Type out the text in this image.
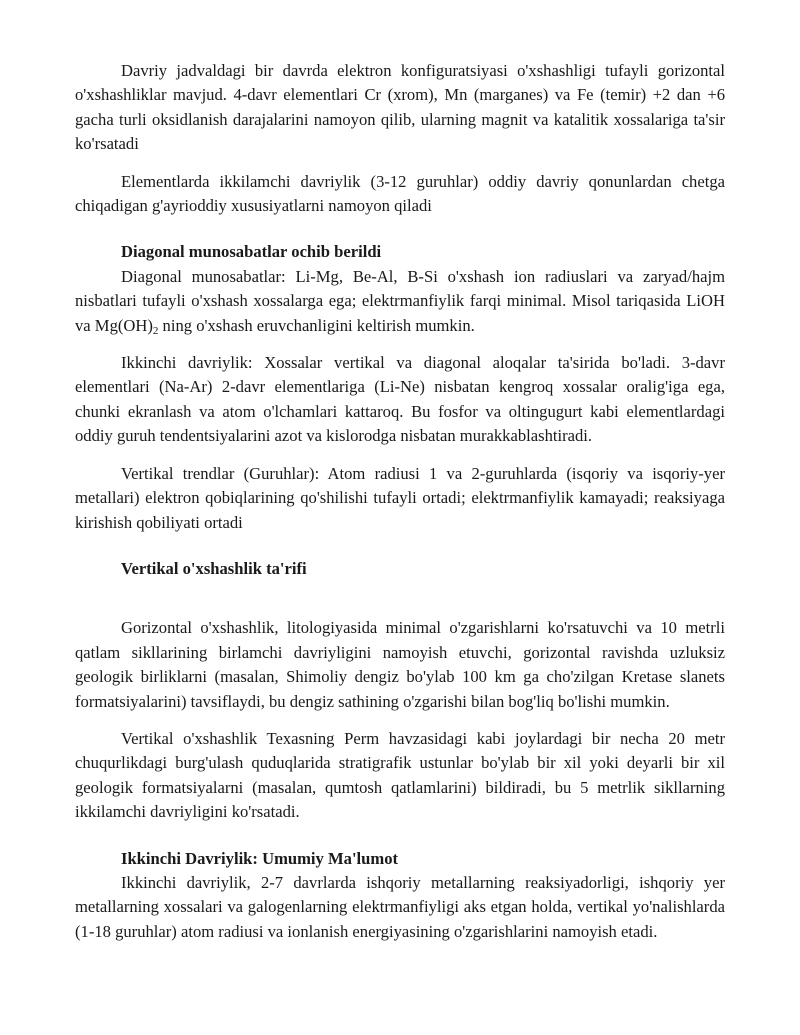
Davriy jadvaldagi bir davrda elektron konfiguratsiyasi o'xshashligi tufayli gorizontal o'xshashliklar mavjud. 4-davr elementlari Cr (xrom), Mn (marganes) va Fe (temir) +2 dan +6 gacha turli oksidlanish darajalarini namoyon qilib, ularning magnit va katalitik xossalariga ta'sir ko'rsatadi

Elementlarda ikkilamchi davriylik (3-12 guruhlar) oddiy davriy qonunlardan chetga chiqadigan g'ayrioddiy xususiyatlarni namoyon qiladi

Diagonal munosabatlar ochib berildi

Diagonal munosabatlar: Li-Mg, Be-Al, B-Si o'xshash ion radiuslari va zaryad/hajm nisbatlari tufayli o'xshash xossalarga ega; elektrmanfiylik farqi minimal. Misol tariqasida LiOH va $Mg(OH)_2$ ning o'xshash eruvchanligini keltirish mumkin.

Ikkinchi davriylik: Xossalar vertikal va diagonal aloqalar ta'sirida bo'ladi. 3-davr elementlari (Na-Ar) 2-davr elementlariga (Li-Ne) nisbatan kengroq xossalar oralig'iga ega, chunki ekranlash va atom o'lchamlari kattaroq. Bu fosfor va oltingugurt kabi elementlardagi oddiy guruh tendentsiyalarini azot va kislorodga nisbatan murakkablashtiradi.

Vertikal trendlar (Guruhlar): Atom radiusi 1 va 2-guruhlarda (isqoriy va isqoriy-yer metallari) elektron qobiqlarining qo'shilishi tufayli ortadi; elektrmanfiylik kamayadi; reaksiyaga kirishish qobiliyati ortadi

Vertikal o'xshashlik ta'rifi

Gorizontal o'xshashlik, litologiyasida minimal o'zgarishlarni ko'rsatuvchi va 10 metrli qatlam sikllarining birlamchi davriyligini namoyish etuvchi, gorizontal ravishda uzluksiz geologik birliklarni (masalan, Shimoliy dengiz bo'ylab 100 km ga cho'zilgan Kretase slanets formatsiyalarini) tavsiflaydi, bu dengiz sathining o'zgarishi bilan bog'liq bo'lishi mumkin.

Vertikal o'xshashlik Texasning Perm havzasidagi kabi joylardagi bir necha 20 metr chuqurlikdagi burg'ulash quduqlarida stratigrafik ustunlar bo'ylab bir xil yoki deyarli bir xil geologik formatsiyalarni (masalan, qumtosh qatlamlarini) bildiradi, bu 5 metrlik sikllarning ikkilamchi davriyligini ko'rsatadi.

Ikkinchi Davriylik: Umumiy Ma'lumot

Ikkinchi davriylik, 2-7 davrlarda ishqoriy metallarning reaksiyadorligi, ishqoriy yer metallarning xossalari va galogenlarning elektrmanfiyligi aks etgan holda, vertikal yo'nalishlarda (1-18 guruhlar) atom radiusi va ionlanish energiyasining o'zgarishlarini namoyish etadi.
